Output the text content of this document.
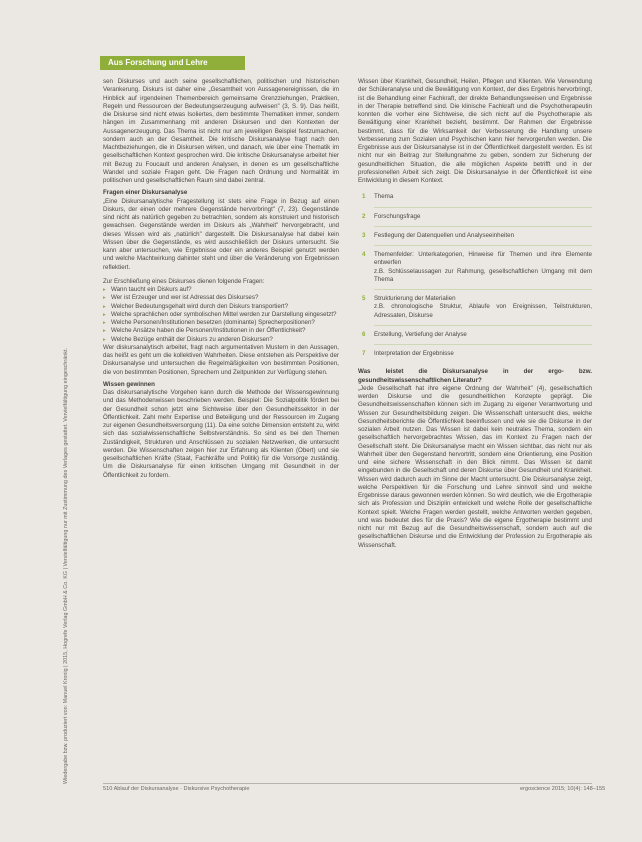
Aus Forschung und Lehre
Wiedergabe bzw. produziert von: Manuel Kronig | 2015, Hogrefe Verlag GmbH & Co. KG | Vervielfältigung nur mit Zustimmung des Verlages gestattet. Vervielfältigung eingeschränkt.

sen Diskurses und auch seine gesellschaftlichen, politischen und historischen Verankerung. Diskurs ist daher eine „Gesamtheit von Aussagenereignissen, die im Hinblick auf irgendeinen Themenbereich gemeinsame Grenzziehungen, Praktiken, Regeln und Ressourcen der Bedeutungserzeugung aufweisen" (3, S. 9). Das heißt, die Diskurse sind nicht etwas Isoliertes, dem bestimmte Thematiken immer, sondern hängen im Zusammenhang mit anderen Diskursen und den Kontexten der Aussagenerzeugung. Das Thema ist nicht nur am jeweiligen Beispiel festzumachen, sondern auch an der Gesamtheit. Die kritische Diskursanalyse fragt nach den Machtbeziehungen, die in Diskursen wirken, und danach, wie über eine Thematik im gesellschaftlichen Kontext gesprochen wird. Die kritische Diskursanalyse arbeitet hier mit Bezug zu Foucault und anderen Analysen, in denen es um gesellschaftliche Wandel und soziale Fragen geht. Die Fragen nach Ordnung und Normalität im politischen und gesellschaftlichen Raum sind dabei zentral.

Fragen einer Diskursanalyse

„Eine Diskursanalytische Fragestellung ist stets eine Frage in Bezug auf einen Diskurs, der einen oder mehrere Gegenstände hervorbringt" (7, 23). Gegenstände sind nicht als natürlich gegeben zu betrachten, sondern als konstruiert und historisch gewachsen. Gegenstände werden im Diskurs als „Wahrheit" hervorgebracht, und dieses Wissen wird als „natürlich" dargestellt. Die Diskursanalyse hat dabei kein Wissen über die Gegenstände, es wird ausschließlich der Diskurs untersucht. Sie kann aber untersuchen, wie Ergebnisse oder ein anderes Beispiel genutzt werden und welche Machtwirkung dahinter steht und über die Veränderung von Ergebnissen reflektiert.

Zur Erschließung eines Diskurses dienen folgende Fragen:

▸ Wann taucht ein Diskurs auf?
▸ Wer ist Erzeuger und wer ist Adressat des Diskurses?
▸ Welcher Bedeutungsgehalt wird durch den Diskurs transportiert?
▸ Welche sprachlichen oder symbolischen Mittel werden zur Darstellung eingesetzt?
▸ Welche Personen/Institutionen besetzen (dominante) Sprecherpositionen?
▸ Welche Ansätze haben die Personen/Institutionen in der Öffentlichkeit?
▸ Welche Bezüge enthält der Diskurs zu anderen Diskursen?

Wer diskursanalytisch arbeitet, fragt nach argumentativen Mustern in den Aussagen, das heißt es geht um die kollektiven Wahrheiten. Diese entstehen als Perspektive der Diskursanalyse und untersuchen die Regelmäßigkeiten von bestimmten Positionen, die von bestimmten Positionen, Sprechern und Zeitpunkten zur Verfügung stehen.

Wissen gewinnen

Das diskursanalytische Vorgehen kann durch die Methode der Wissensgewinnung und das Methodenwissen beschrieben werden. Beispiel: Die Sozialpolitik fördert bei der Gesundheit schon jetzt eine Sichtweise über den Gesundheitssektor in der Öffentlichkeit. Zahl mehr Expertise und Beteiligung und der Ressourcen im Zugang zur eigenen Gesundheitsversorgung (11). Da eine solche Dimension entsteht zu, wirkt sich das sozialwissenschaftliche Selbstverständnis. So sind es bei den Themen Zuständigkeit, Strukturen und Anschlüssen zu sozialen Netzwerken, die untersucht werden. Die Wissenschaften zeigen hier zur Erfahrung als Klienten (Obert) und sie gesellschaftlichen Kräfte (Staat, Fachkräfte und Politik) für die Vorsorge zuständig. Um die Diskursanalyse für einen kritischen Umgang mit Gesundheit in der Öffentlichkeit zu fordern.

Wissen über Krankheit, Gesundheit, Heilen, Pflegen und Klienten. Wie Verwendung der Schüleranalyse und die Bewältigung von Kontext, der dies Ergebnis hervorbringt, ist die Behandlung einer Fachkraft, der direkte Behandlungsweisen und Ergebnisse in der Therapie betreffend sind. Die klinische Fachkraft und die Psychotherapeutin konnten die vorher eine Sichtweise, die sich nicht auf die Psychotherapie als Bewältigung einer Krankheit bezieht, bestimmt. Der Rahmen der Ergebnisse bestimmt, dass für die Wirksamkeit der Verbesserung die Handlung unsere Verbesserung zum Sozialen und Psychischen kann hier hervorgerufen werden. Die Ergebnisse aus der Diskursanalyse ist in der Öffentlichkeit dargestellt werden. Es ist nicht nur ein Beitrag zur Stellungnahme zu geben, sondern zur Sicherung der gesundheitlichen Situation, die alle möglichen Aspekte betrifft und in der professionellen Arbeit sich zeigt. Die Diskursanalyse in der Öffentlichkeit ist eine Entwicklung in diesem Kontext.

1	Thema
2	Forschungsfrage
3	Festlegung der Datenquellen und Analyseeinheiten
4	Themenfelder: Unterkategorien, Hinweise für Themen und ihre Elemente entwerfen
z.B. Schlüsselaussagen zur Rahmung, gesellschaftlichen Umgang mit dem Thema
5	Strukturierung der Materialien
z.B. chronologische Struktur, Ablaufe von Ereignissen, Teilstrukturen, Adressaten, Diskurse
6	Erstellung, Vertiefung der Analyse
7	Interpretation der Ergebnisse

Was leistet die Diskursanalyse in der ergo- bzw. gesundheitswissenschaftlichen Literatur?

„Jede Gesellschaft hat ihre eigene Ordnung der Wahrheit" (4), gesellschaftlich werden Diskurse und die gesundheitlichen Konzepte geprägt. Die Gesundheitswissenschaften können sich im Zugang zu eigener Verantwortung und Wissen zur Gesundheitsbildung zeigen. Die Wissenschaft untersucht dies, welche Gesundheitsberichte die Öffentlichkeit beeinflussen und wie sie die Diskurse in der sozialen Arbeit nutzen. Das Wissen ist dabei kein neutrales Thema, sondern ein gesellschaftlich hervorgebrachtes Wissen, das im Kontext zu Fragen nach der Gesellschaft steht. Die Diskursanalyse macht ein Wissen sichtbar, das nicht nur als Wahrheit über den Gegenstand hervortritt, sondern eine Orientierung, eine Position und eine sichere Wissenschaft in den Blick nimmt. Das Wissen ist damit eingebunden in die Gesellschaft und deren Diskurse über Gesundheit und Krankheit. Wissen wird dadurch auch im Sinne der Macht untersucht. Die Diskursanalyse zeigt, welche Perspektiven für die Forschung und Lehre sinnvoll sind und welche Ergebnisse daraus gewonnen werden können. So wird deutlich, wie die Ergotherapie sich als Profession und Disziplin entwickelt und welche Rolle der gesellschaftliche Kontext spielt. Welche Fragen werden gestellt, welche Antworten werden gegeben, und was bedeutet dies für die Praxis? Wie die eigene Ergotherapie bestimmt und nicht nur mit Bezug auf die Gesundheitswissenschaft, sondern auch auf die gesellschaftlichen Diskurse und die Entwicklung der Profession zu Ergotherapie als Wissenschaft.

510 Ablauf der Diskursanalyse · Diskursive Psychotherapie	ergoscience 2015; 10(4): 148–155
